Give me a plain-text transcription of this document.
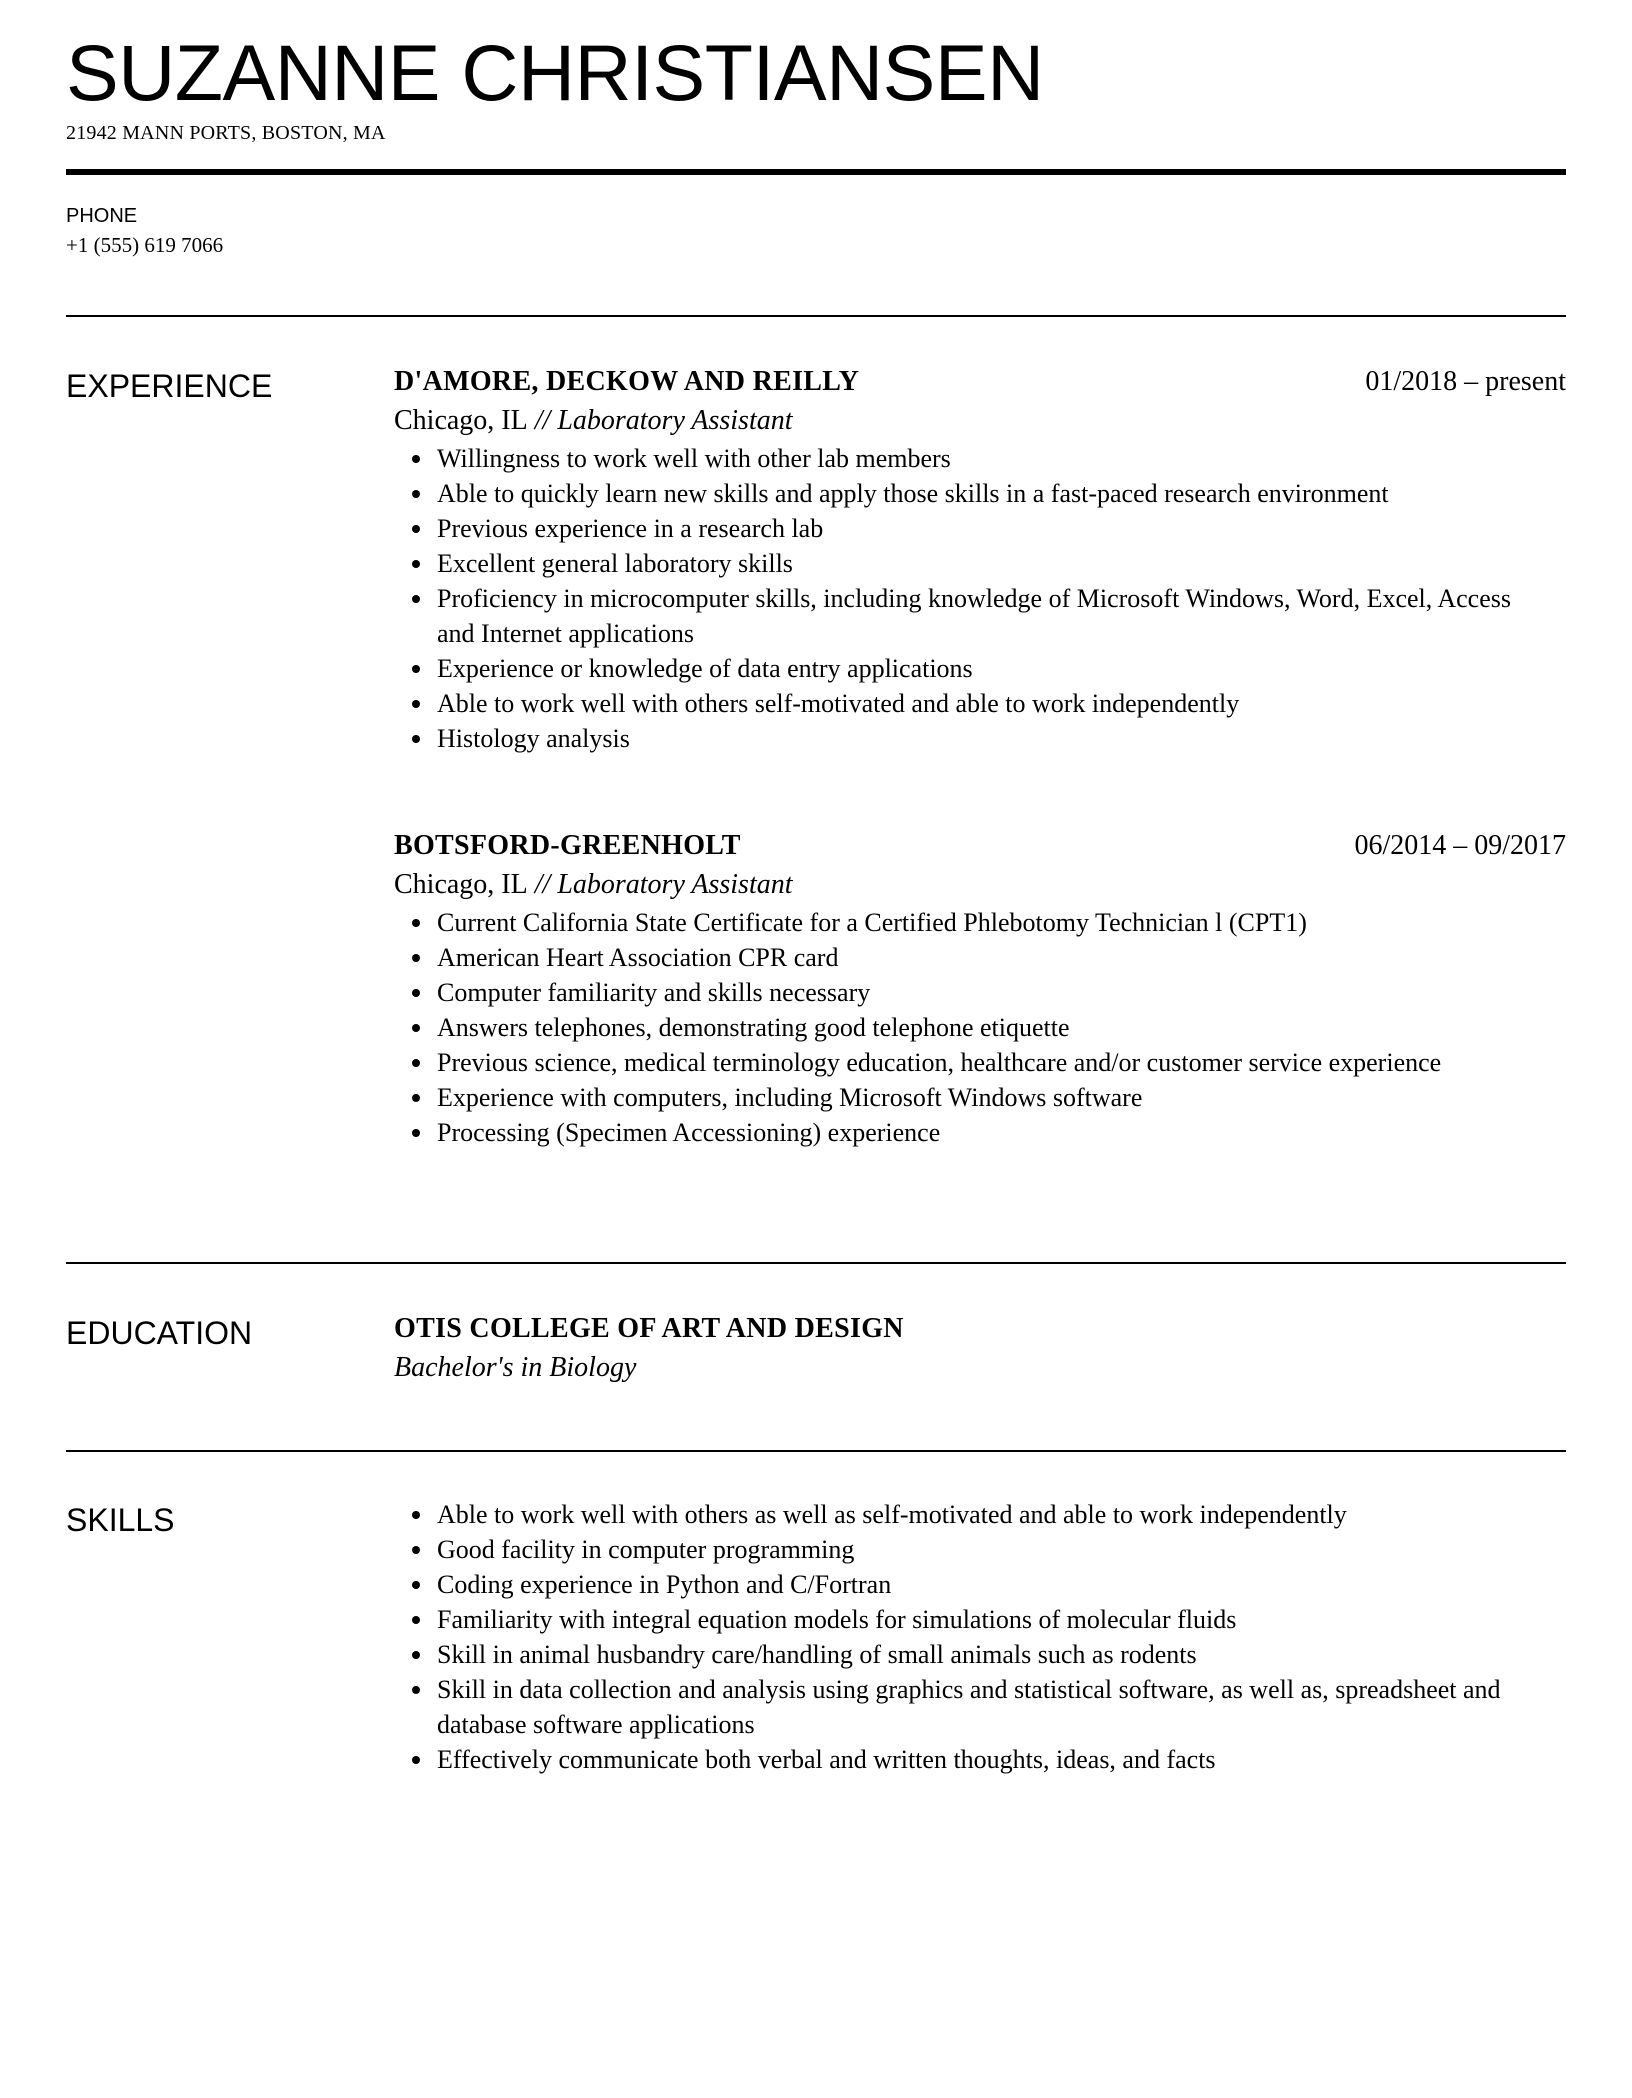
SUZANNE CHRISTIANSEN
21942 MANN PORTS, BOSTON, MA
PHONE
+1 (555) 619 7066
EXPERIENCE	D'AMORE, DECKOW AND REILLY	01/2018 – present
Chicago, IL // Laboratory Assistant
Willingness to work well with other lab members
Able to quickly learn new skills and apply those skills in a fast-paced research environment
Previous experience in a research lab
Excellent general laboratory skills
Proficiency in microcomputer skills, including knowledge of Microsoft Windows, Word, Excel, Access and Internet applications
Experience or knowledge of data entry applications
Able to work well with others self-motivated and able to work independently
Histology analysis
BOTSFORD-GREENHOLT	06/2014 – 09/2017
Chicago, IL // Laboratory Assistant
Current California State Certificate for a Certified Phlebotomy Technician l (CPT1)
American Heart Association CPR card
Computer familiarity and skills necessary
Answers telephones, demonstrating good telephone etiquette
Previous science, medical terminology education, healthcare and/or customer service experience
Experience with computers, including Microsoft Windows software
Processing (Specimen Accessioning) experience
EDUCATION	OTIS COLLEGE OF ART AND DESIGN
Bachelor's in Biology
SKILLS	Able to work well with others as well as self-motivated and able to work independently
Good facility in computer programming
Coding experience in Python and C/Fortran
Familiarity with integral equation models for simulations of molecular fluids
Skill in animal husbandry care/handling of small animals such as rodents
Skill in data collection and analysis using graphics and statistical software, as well as, spreadsheet and database software applications
Effectively communicate both verbal and written thoughts, ideas, and facts
